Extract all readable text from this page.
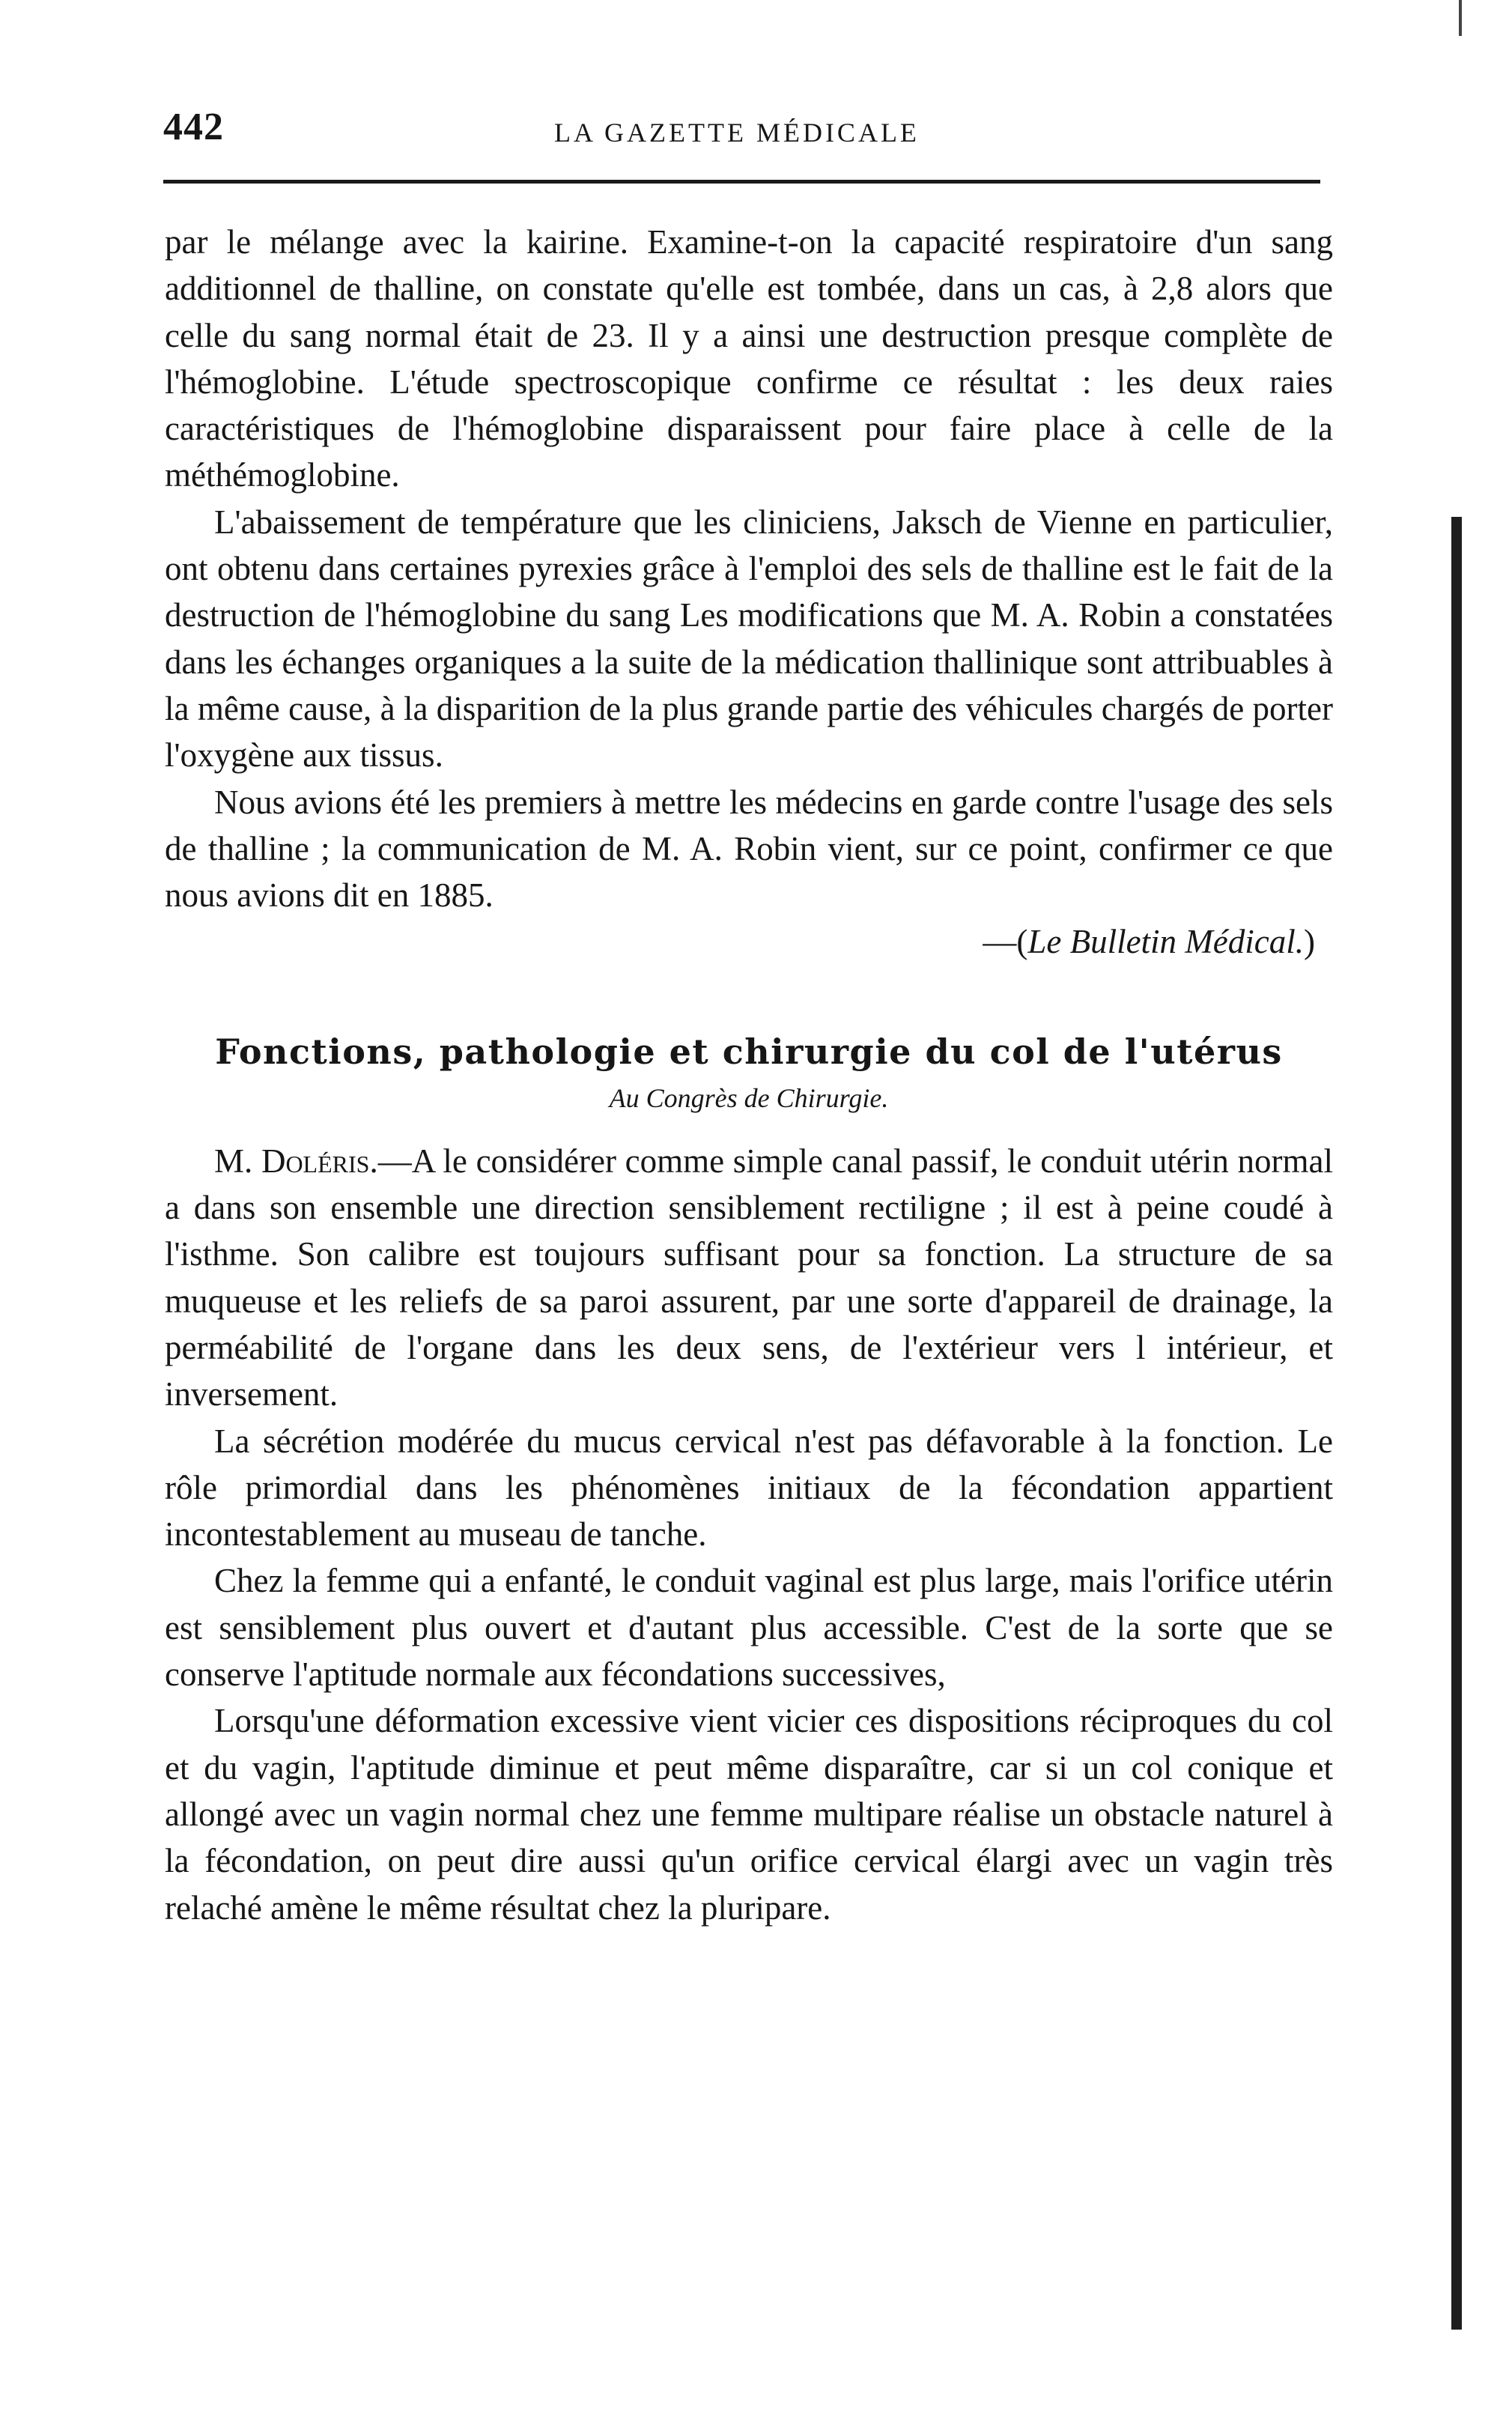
442	LA GAZETTE MÉDICALE

par le mélange avec la kairine. Examine-t-on la capacité respiratoire d'un sang additionnel de thalline, on constate qu'elle est tombée, dans un cas, à 2,8 alors que celle du sang normal était de 23. Il y a ainsi une destruction presque complète de l'hémoglobine. L'étude spectroscopique confirme ce résultat : les deux raies caractéristiques de l'hémoglobine disparaissent pour faire place à celle de la méthémoglobine.

L'abaissement de température que les cliniciens, Jaksch de Vienne en particulier, ont obtenu dans certaines pyrexies grâce à l'emploi des sels de thalline est le fait de la destruction de l'hémoglobine du sang Les modifications que M. A. Robin a constatées dans les échanges organiques a la suite de la médication thallinique sont attribuables à la même cause, à la disparition de la plus grande partie des véhicules chargés de porter l'oxygène aux tissus.

Nous avions été les premiers à mettre les médecins en garde contre l'usage des sels de thalline ; la communication de M. A. Robin vient, sur ce point, confirmer ce que nous avions dit en 1885.

—(Le Bulletin Médical.)

Fonctions, pathologie et chirurgie du col de l'utérus
Au Congrès de Chirurgie.

M. Doléris.—A le considérer comme simple canal passif, le conduit utérin normal a dans son ensemble une direction sensiblement rectiligne ; il est à peine coudé à l'isthme. Son calibre est toujours suffisant pour sa fonction. La structure de sa muqueuse et les reliefs de sa paroi assurent, par une sorte d'appareil de drainage, la perméabilité de l'organe dans les deux sens, de l'extérieur vers l intérieur, et inversement.

La sécrétion modérée du mucus cervical n'est pas défavorable à la fonction. Le rôle primordial dans les phénomènes initiaux de la fécondation appartient incontestablement au museau de tanche.

Chez la femme qui a enfanté, le conduit vaginal est plus large, mais l'orifice utérin est sensiblement plus ouvert et d'autant plus accessible. C'est de la sorte que se conserve l'aptitude normale aux fécondations successives,

Lorsqu'une déformation excessive vient vicier ces dispositions réciproques du col et du vagin, l'aptitude diminue et peut même disparaître, car si un col conique et allongé avec un vagin normal chez une femme multipare réalise un obstacle naturel à la fécondation, on peut dire aussi qu'un orifice cervical élargi avec un vagin très relaché amène le même résultat chez la pluripare.
